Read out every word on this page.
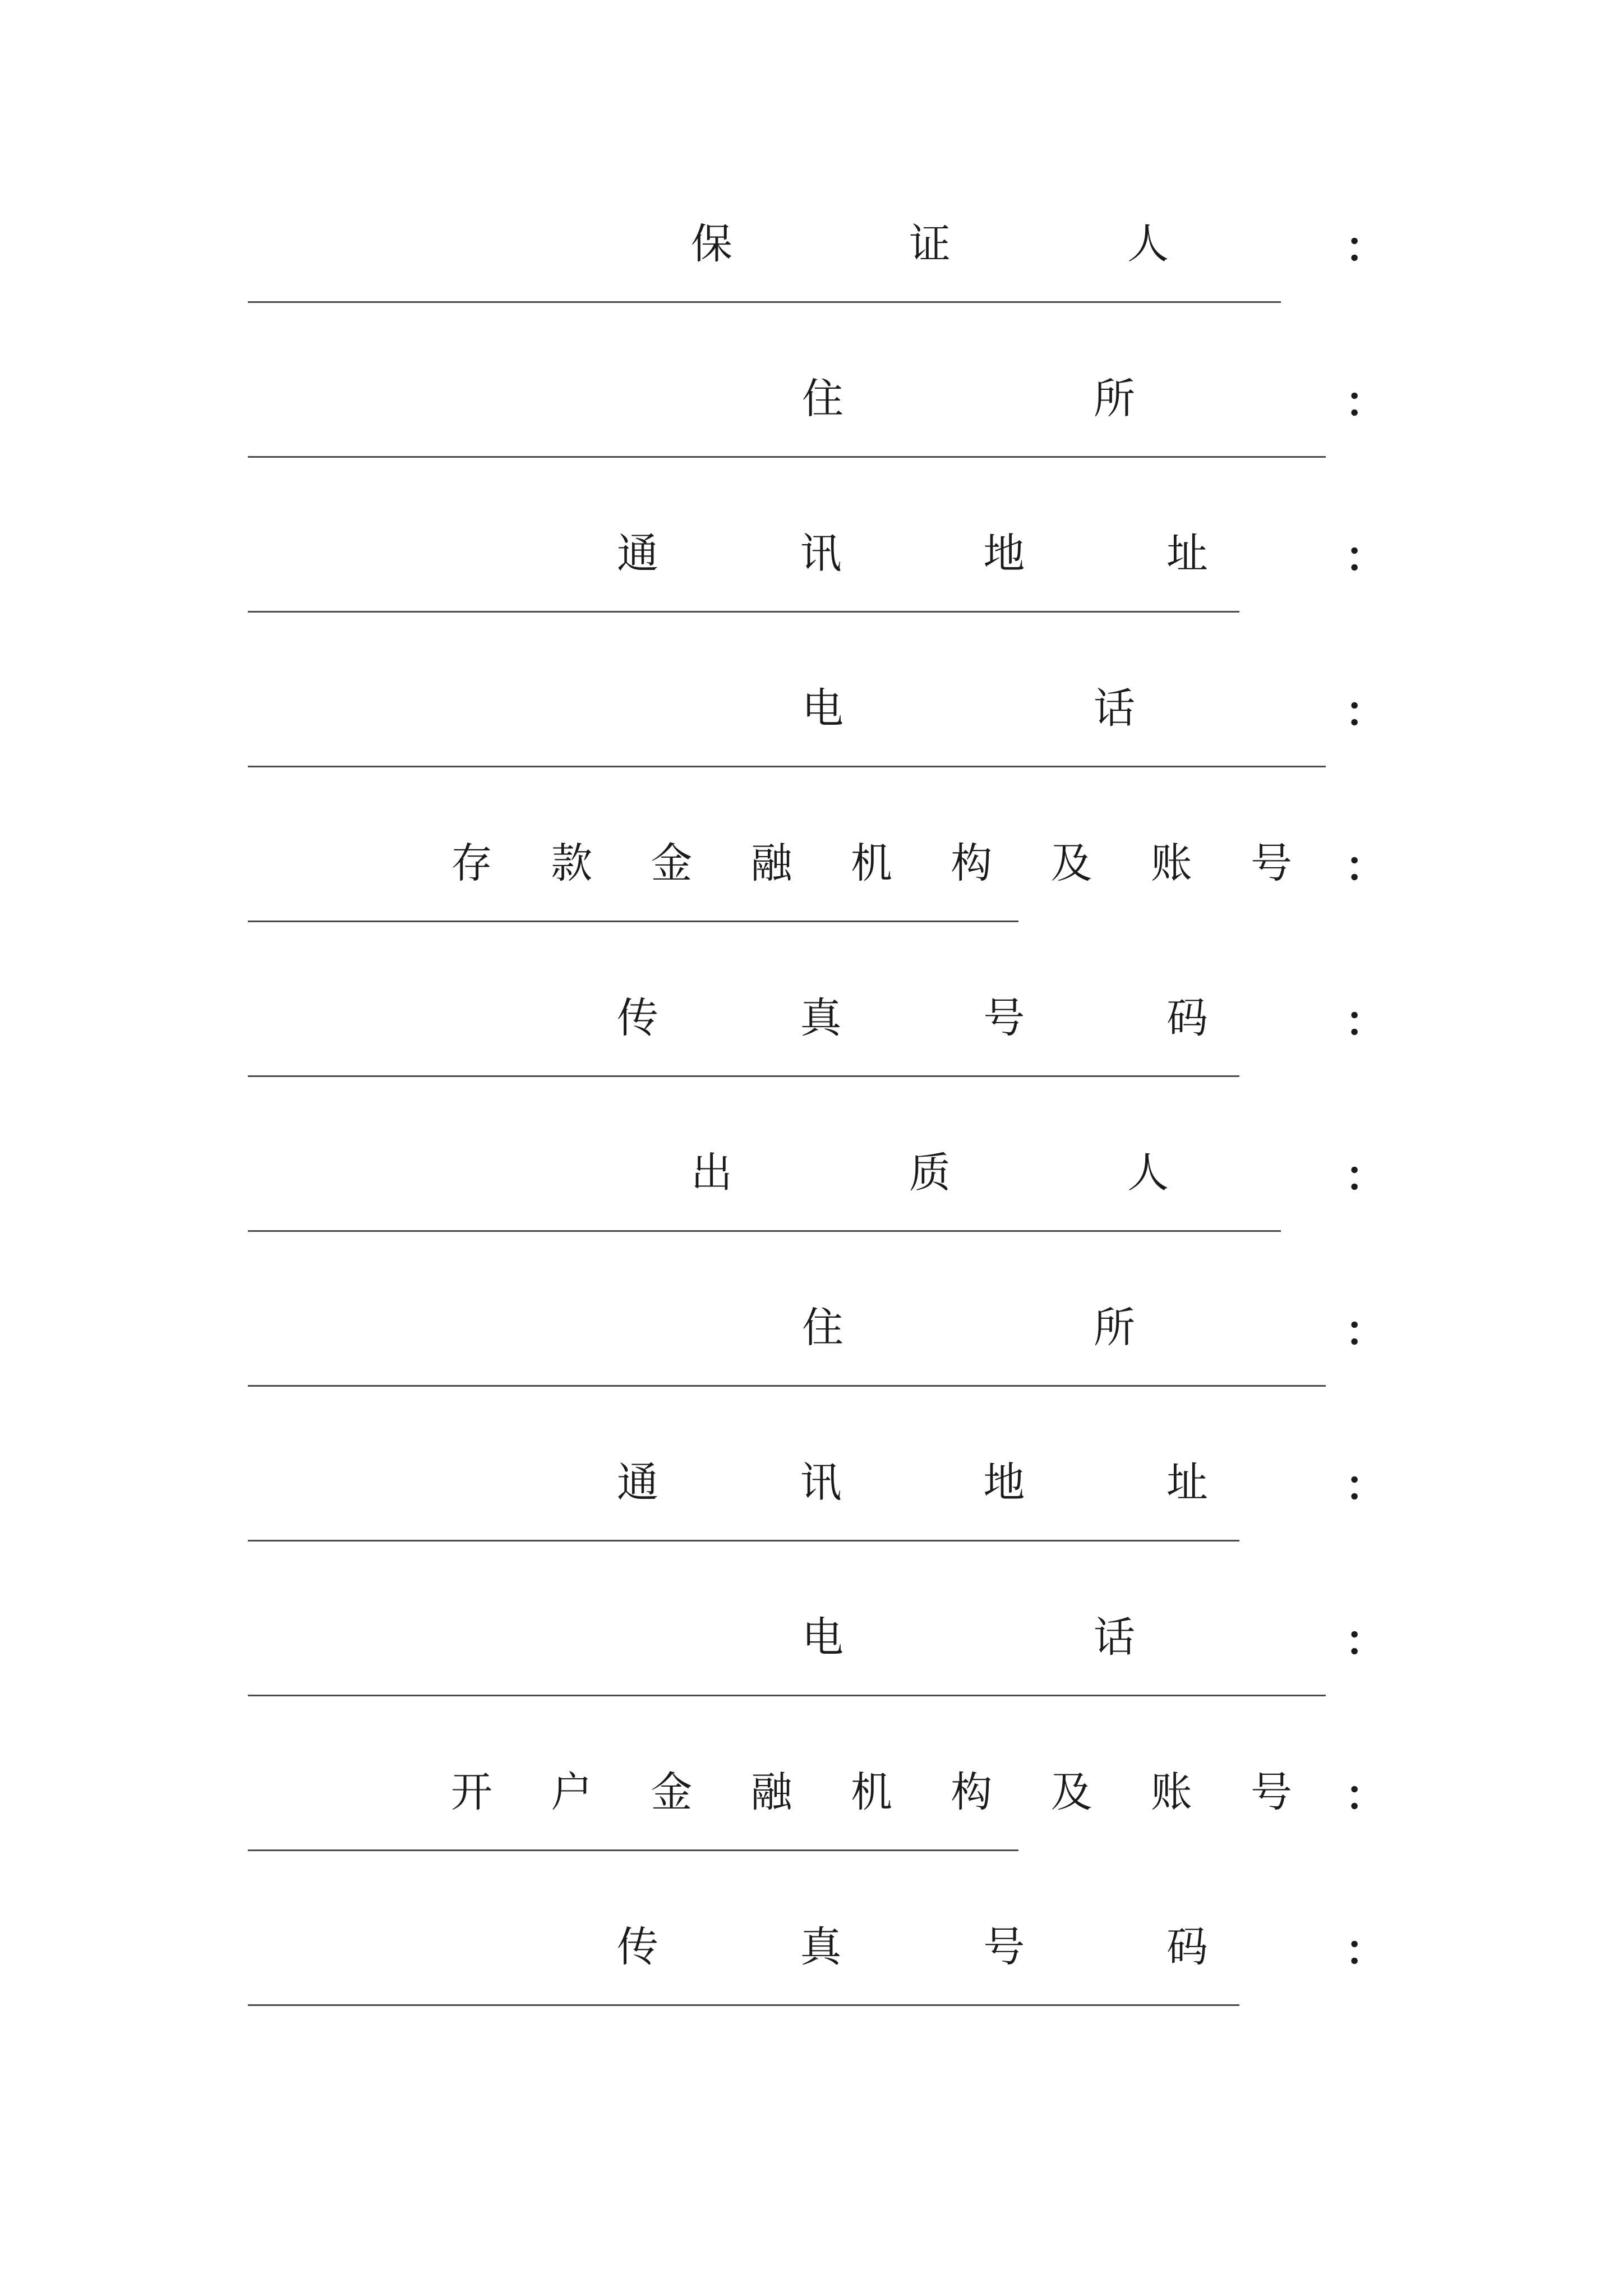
保	证	人	：
住	所	：
通	讯	地	址	：
电	话	：
存 款 金 融 机 构 及 账 号 ：
传	真	号	码	：
出	质	人	：
住	所	：
通	讯	地	址	：
电	话	：
开 户 金 融 机 构 及 账 号 ：
传	真	号	码	：
